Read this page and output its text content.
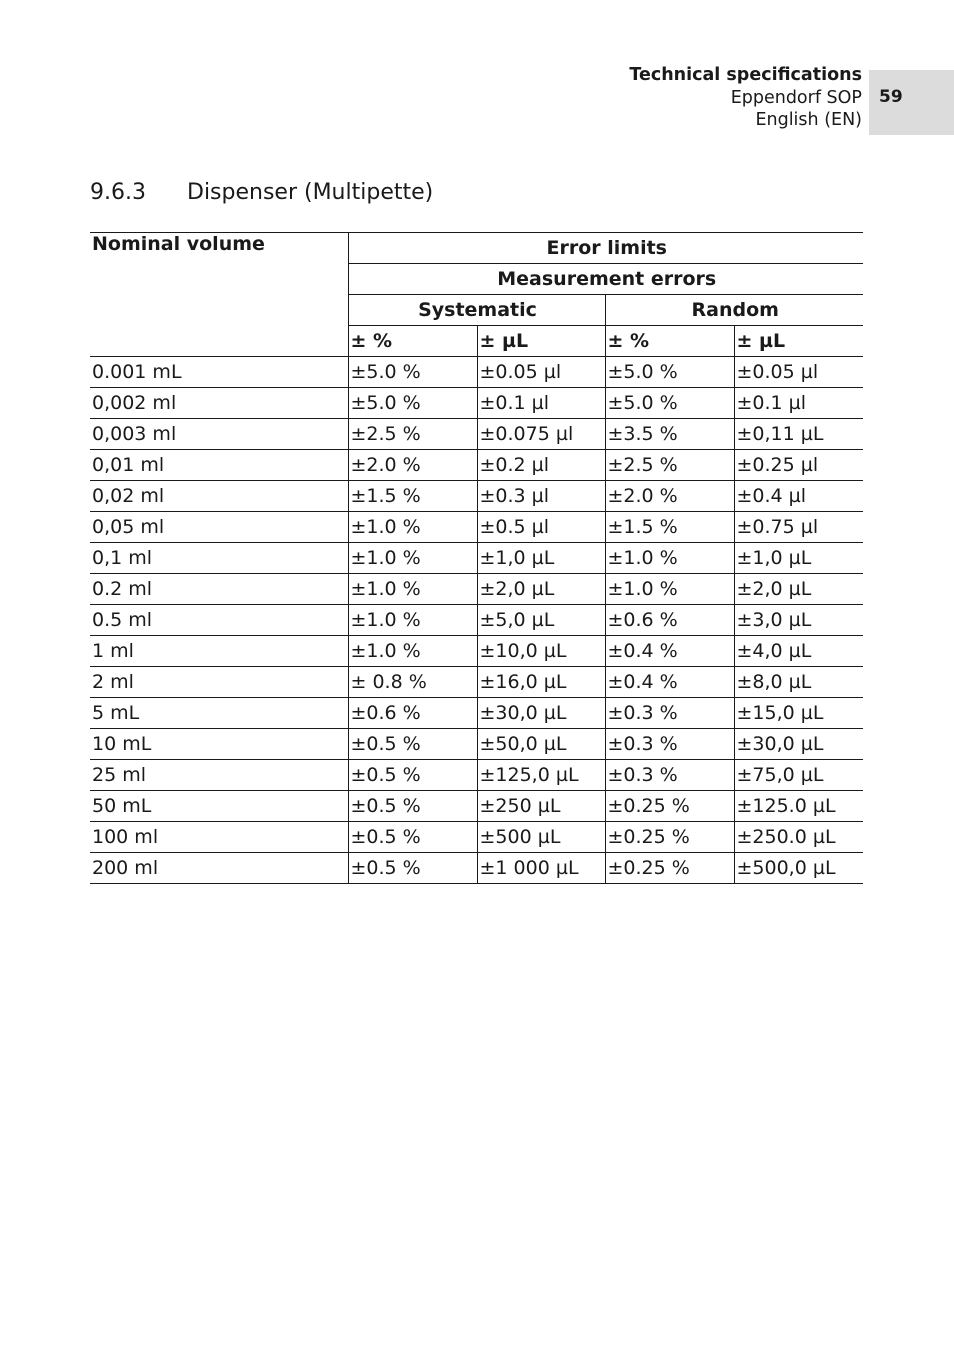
Technical specifications
Eppendorf SOP
English (EN)
59
9.6.3 Dispenser (Multipette)
Nominal volume	Error limits			
	Measurement errors			
	Systematic		Random	
	± %	± µL	± %	± µL
0.001 mL	±5.0 %	±0.05 µl	±5.0 %	±0.05 µl
0,002 ml	±5.0 %	±0.1 µl	±5.0 %	±0.1 µl
0,003 ml	±2.5 %	±0.075 µl	±3.5 %	±0,11 µL
0,01 ml	±2.0 %	±0.2 µl	±2.5 %	±0.25 µl
0,02 ml	±1.5 %	±0.3 µl	±2.0 %	±0.4 µl
0,05 ml	±1.0 %	±0.5 µl	±1.5 %	±0.75 µl
0,1 ml	±1.0 %	±1,0 µL	±1.0 %	±1,0 µL
0.2 ml	±1.0 %	±2,0 µL	±1.0 %	±2,0 µL
0.5 ml	±1.0 %	±5,0 µL	±0.6 %	±3,0 µL
1 ml	±1.0 %	±10,0 µL	±0.4 %	±4,0 µL
2 ml	± 0.8 %	±16,0 µL	±0.4 %	±8,0 µL
5 mL	±0.6 %	±30,0 µL	±0.3 %	±15,0 µL
10 mL	±0.5 %	±50,0 µL	±0.3 %	±30,0 µL
25 ml	±0.5 %	±125,0 µL	±0.3 %	±75,0 µL
50 mL	±0.5 %	±250 µL	±0.25 %	±125.0 µL
100 ml	±0.5 %	±500 µL	±0.25 %	±250.0 µL
200 ml	±0.5 %	±1 000 µL	±0.25 %	±500,0 µL
